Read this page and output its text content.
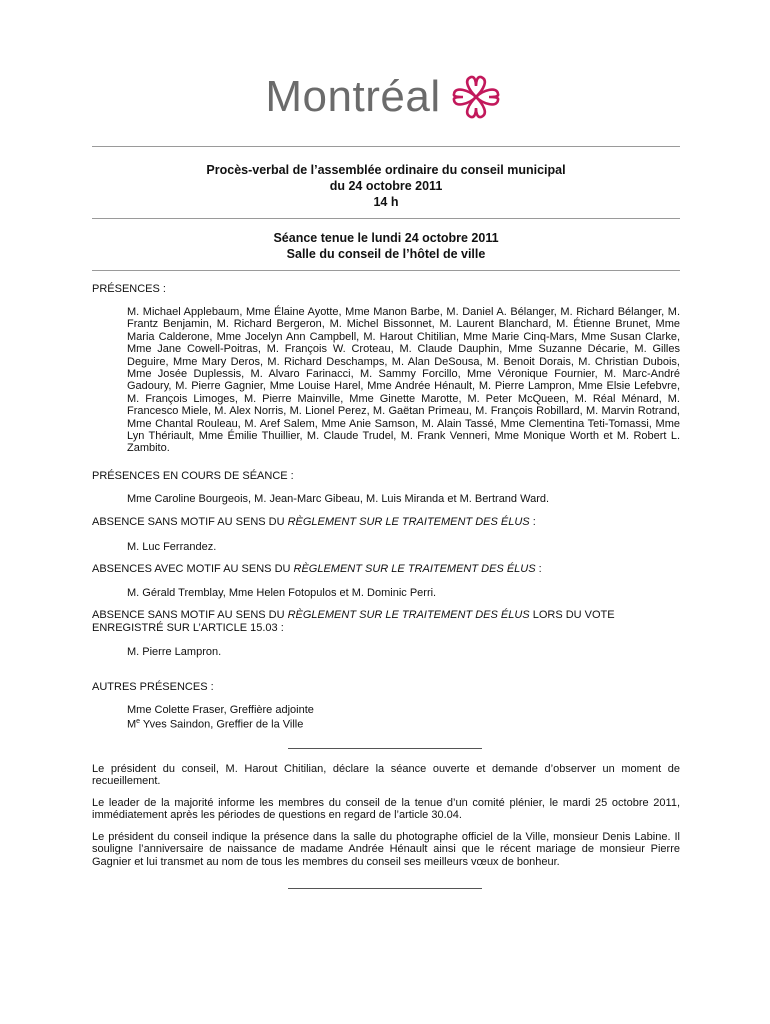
Montréal
Procès-verbal de l’assemblée ordinaire du conseil municipal
du 24 octobre 2011
14 h
Séance tenue le lundi 24 octobre 2011
Salle du conseil de l’hôtel de ville
PRÉSENCES :
M. Michael Applebaum, Mme Élaine Ayotte, Mme Manon Barbe, M. Daniel A. Bélanger, M. Richard Bélanger, M. Frantz Benjamin, M. Richard Bergeron, M. Michel Bissonnet, M. Laurent Blanchard, M. Étienne Brunet, Mme Maria Calderone, Mme Jocelyn Ann Campbell, M. Harout Chitilian, Mme Marie Cinq-Mars, Mme Susan Clarke, Mme Jane Cowell-Poitras, M. François W. Croteau, M. Claude Dauphin, Mme Suzanne Décarie, M. Gilles Deguire, Mme Mary Deros, M. Richard Deschamps, M. Alan DeSousa, M. Benoit Dorais, M. Christian Dubois, Mme Josée Duplessis, M. Alvaro Farinacci, M. Sammy Forcillo, Mme Véronique Fournier, M. Marc-André Gadoury, M. Pierre Gagnier, Mme Louise Harel, Mme Andrée Hénault, M. Pierre Lampron, Mme Elsie Lefebvre, M. François Limoges, M. Pierre Mainville, Mme Ginette Marotte, M. Peter McQueen, M. Réal Ménard, M. Francesco Miele, M. Alex Norris, M. Lionel Perez, M. Gaëtan Primeau, M. François Robillard, M. Marvin Rotrand, Mme Chantal Rouleau, M. Aref Salem, Mme Anie Samson, M. Alain Tassé, Mme Clementina Teti-Tomassi, Mme Lyn Thériault, Mme Émilie Thuillier, M. Claude Trudel, M. Frank Venneri, Mme Monique Worth et M. Robert L. Zambito.
PRÉSENCES EN COURS DE SÉANCE :
Mme Caroline Bourgeois, M. Jean-Marc Gibeau, M. Luis Miranda et M. Bertrand Ward.
ABSENCE SANS MOTIF AU SENS DU RÈGLEMENT SUR LE TRAITEMENT DES ÉLUS :
M. Luc Ferrandez.
ABSENCES AVEC MOTIF AU SENS DU RÈGLEMENT SUR LE TRAITEMENT DES ÉLUS :
M. Gérald Tremblay, Mme Helen Fotopulos et M. Dominic Perri.
ABSENCE SANS MOTIF AU SENS DU RÈGLEMENT SUR LE TRAITEMENT DES ÉLUS LORS DU VOTE ENREGISTRÉ SUR L’ARTICLE 15.03 :
M. Pierre Lampron.
AUTRES PRÉSENCES :
Mme Colette Fraser, Greffière adjointe
Me Yves Saindon, Greffier de la Ville
Le président du conseil, M. Harout Chitilian, déclare la séance ouverte et demande d’observer un moment de recueillement.
Le leader de la majorité informe les membres du conseil de la tenue d’un comité plénier, le mardi 25 octobre 2011, immédiatement après les périodes de questions en regard de l’article 30.04.
Le président du conseil indique la présence dans la salle du photographe officiel de la Ville, monsieur Denis Labine. Il souligne l’anniversaire de naissance de madame Andrée Hénault ainsi que le récent mariage de monsieur Pierre Gagnier et lui transmet au nom de tous les membres du conseil ses meilleurs vœux de bonheur.
